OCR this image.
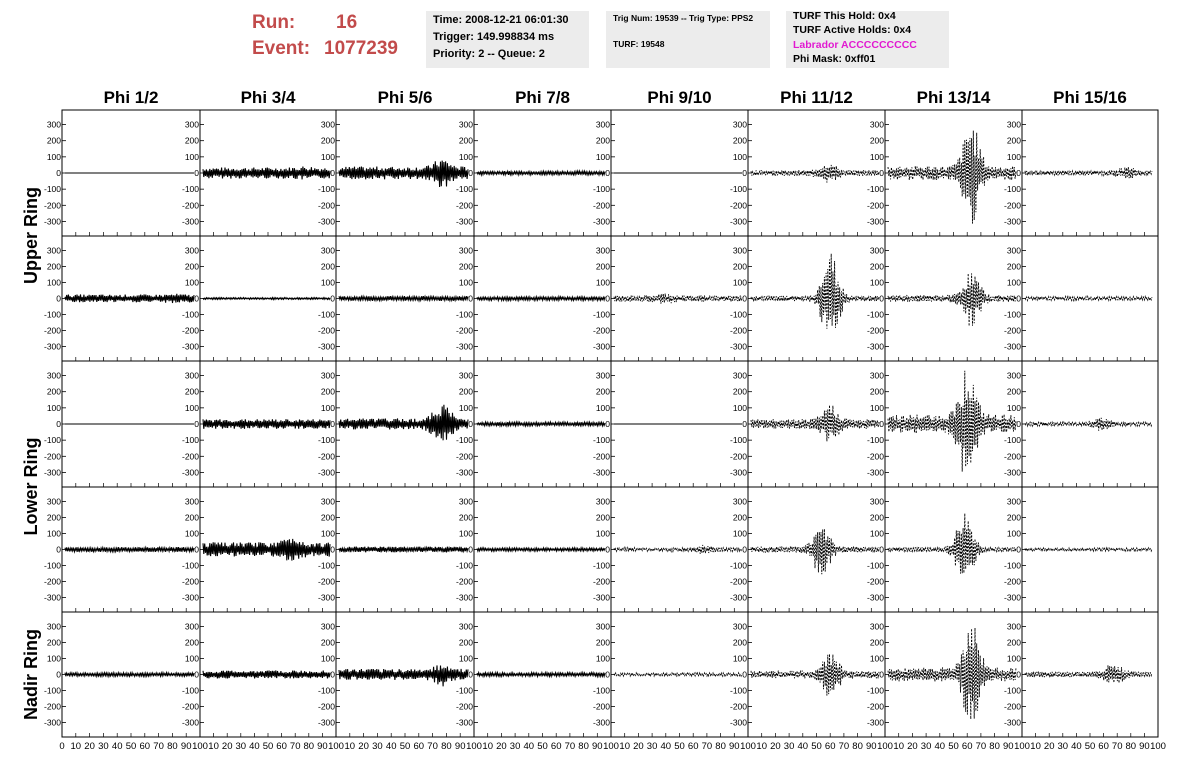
Run: 16
Event: 1077239
Time: 2008-12-21 06:01:30
Trigger: 149.998834 ms
Priority: 2 -- Queue: 2
Trig Num: 19539 -- Trig Type: PPS2
TURF: 19548
TURF This Hold: 0x4
TURF Active Holds: 0x4
Labrador ACCCCCCCCC
Phi Mask: 0xff01
Phi 1/2	Phi 3/4	Phi 5/6	Phi 7/8	Phi 9/10	Phi 11/12	Phi 13/14	Phi 15/16
Upper Ring
Lower Ring
Nadir Ring
-300
-200
-100
0
100
200
300
-300
-200
-100
0
100
200
300
-300
-200
-100
0
100
200
300
-300
-200
-100
0
100
200
300
-300
-200
-100
0
100
200
300
-300
-200
-100
0
100
200
300
-300
-200
-100
0
100
200
300
-300
-200
-100
0
100
200
300
-300
-200
-100
0
100
200
300
-300
-200
-100
0
100
200
300
-300
-200
-100
0
100
200
300
-300
-200
-100
0
100
200
300
-300
-200
-100
0
100
200
300
-300
-200
-100
0
100
200
300
-300
-200
-100
0
100
200
300
-300
-200
-100
0
100
200
300
-300
-200
-100
0
100
200
300
-300
-200
-100
0
100
200
300
-300
-200
-100
0
100
200
300
-300
-200
-100
0
100
200
300
-300
-200
-100
0
100
200
300
-300
-200
-100
0
100
200
300
-300
-200
-100
0
100
200
300
-300
-200
-100
0
100
200
300
-300
-200
-100
0
100
200
300
-300
-200
-100
0
100
200
300
-300
-200
-100
0
100
200
300
-300
-200
-100
0
100
200
300
-300
-200
-100
0
100
200
300
-300
-200
-100
0
100
200
300
-300
-200
-100
0
100
200
300
-300
-200
-100
0
100
200
300
-300
-200
-100
0
100
200
300
-300
-200
-100
0
100
200
300
-300
-200
-100
0
100
200
300
-300
-200
-100
0
100
200
300
-300
-200
-100
0
100
200
300
-300
-200
-100
0
100
200
300
-300
-200
-100
0
100
200
300
-300
-200
-100
0
100
200
300
0 10 20 30 40 50 60 70 80 90 100 10 20 30 40 50 60 70 80 90 100 10 20 30 40 50 60 70 80 90 100 10 20 30 40 50 60 70 80 90 100 10 20 30 40 50 60 70 80 90 100 10 20 30 40 50 60 70 80 90 100 10 20 30 40 50 60 70 80 90 100 10 20 30 40 50 60 70 80 90 100
